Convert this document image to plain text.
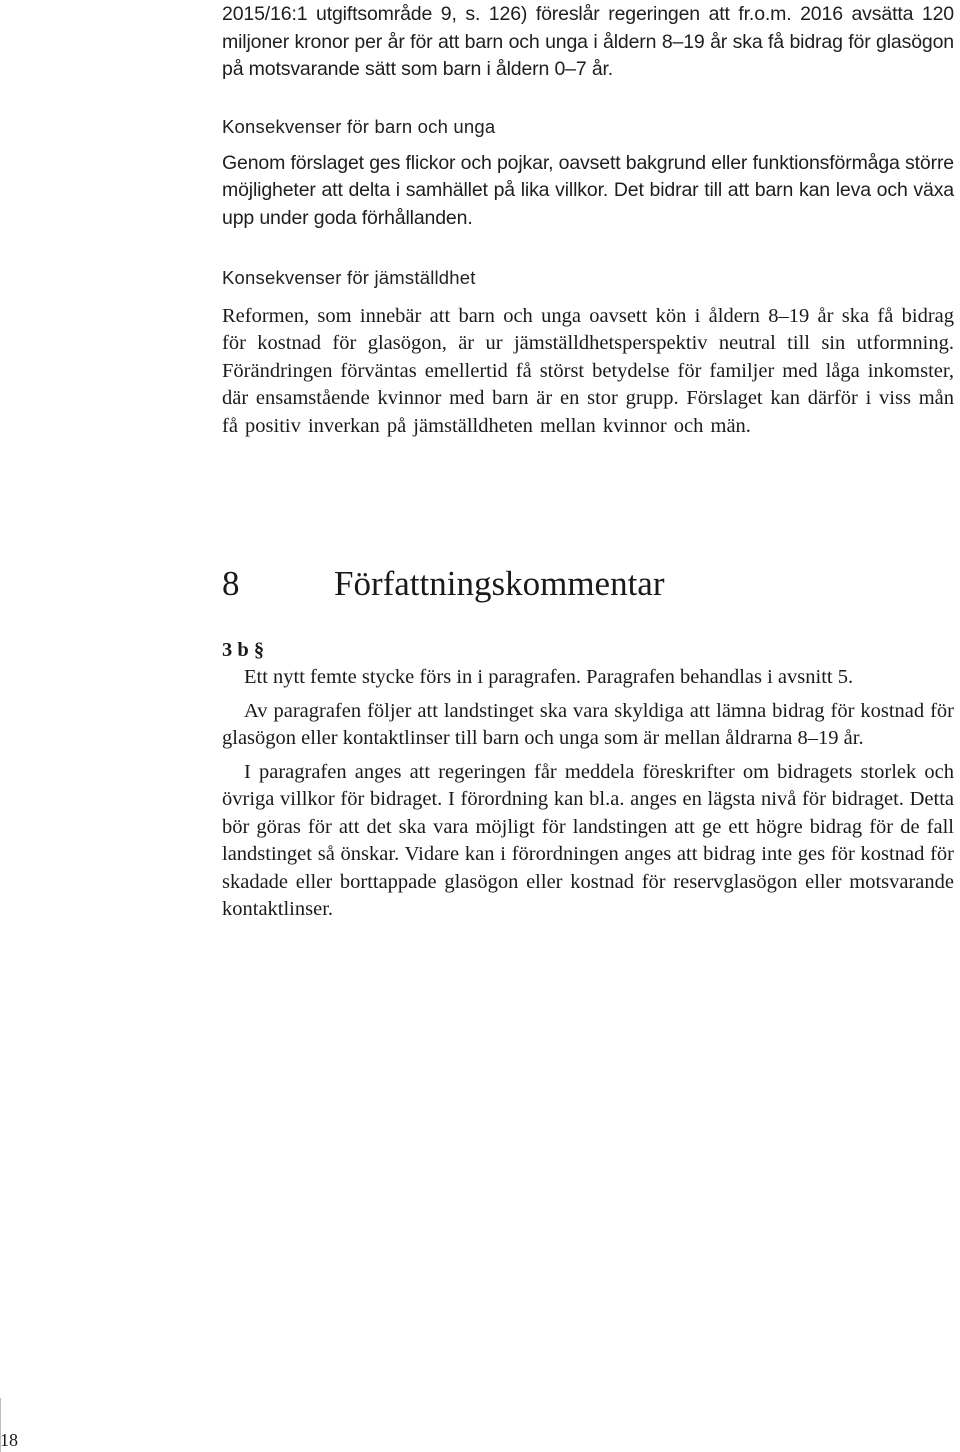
2015/16:1 utgiftsområde 9, s. 126) föreslår regeringen att fr.o.m. 2016 avsätta 120 miljoner kronor per år för att barn och unga i åldern 8–19 år ska få bidrag för glasögon på motsvarande sätt som barn i åldern 0–7 år.

Konsekvenser för barn och unga

Genom förslaget ges flickor och pojkar, oavsett bakgrund eller funktionsförmåga större möjligheter att delta i samhället på lika villkor. Det bidrar till att barn kan leva och växa upp under goda förhållanden.

Konsekvenser för jämställdhet

Reformen, som innebär att barn och unga oavsett kön i åldern 8–19 år ska få bidrag för kostnad för glasögon, är ur jämställdhetsperspektiv neutral till sin utformning. Förändringen förväntas emellertid få störst betydelse för familjer med låga inkomster, där ensamstående kvinnor med barn är en stor grupp. Förslaget kan därför i viss mån få positiv inverkan på jämställdheten mellan kvinnor och män.

8	Författningskommentar

3 b §

Ett nytt femte stycke förs in i paragrafen. Paragrafen behandlas i avsnitt 5.

Av paragrafen följer att landstinget ska vara skyldiga att lämna bidrag för kostnad för glasögon eller kontaktlinser till barn och unga som är mellan åldrarna 8–19 år.

I paragrafen anges att regeringen får meddela föreskrifter om bidragets storlek och övriga villkor för bidraget. I förordning kan bl.a. anges en lägsta nivå för bidraget. Detta bör göras för att det ska vara möjligt för landstingen att ge ett högre bidrag för de fall landstinget så önskar. Vidare kan i förordningen anges att bidrag inte ges för kostnad för skadade eller borttappade glasögon eller kostnad för reservglasögon eller motsvarande kontaktlinser.

18
